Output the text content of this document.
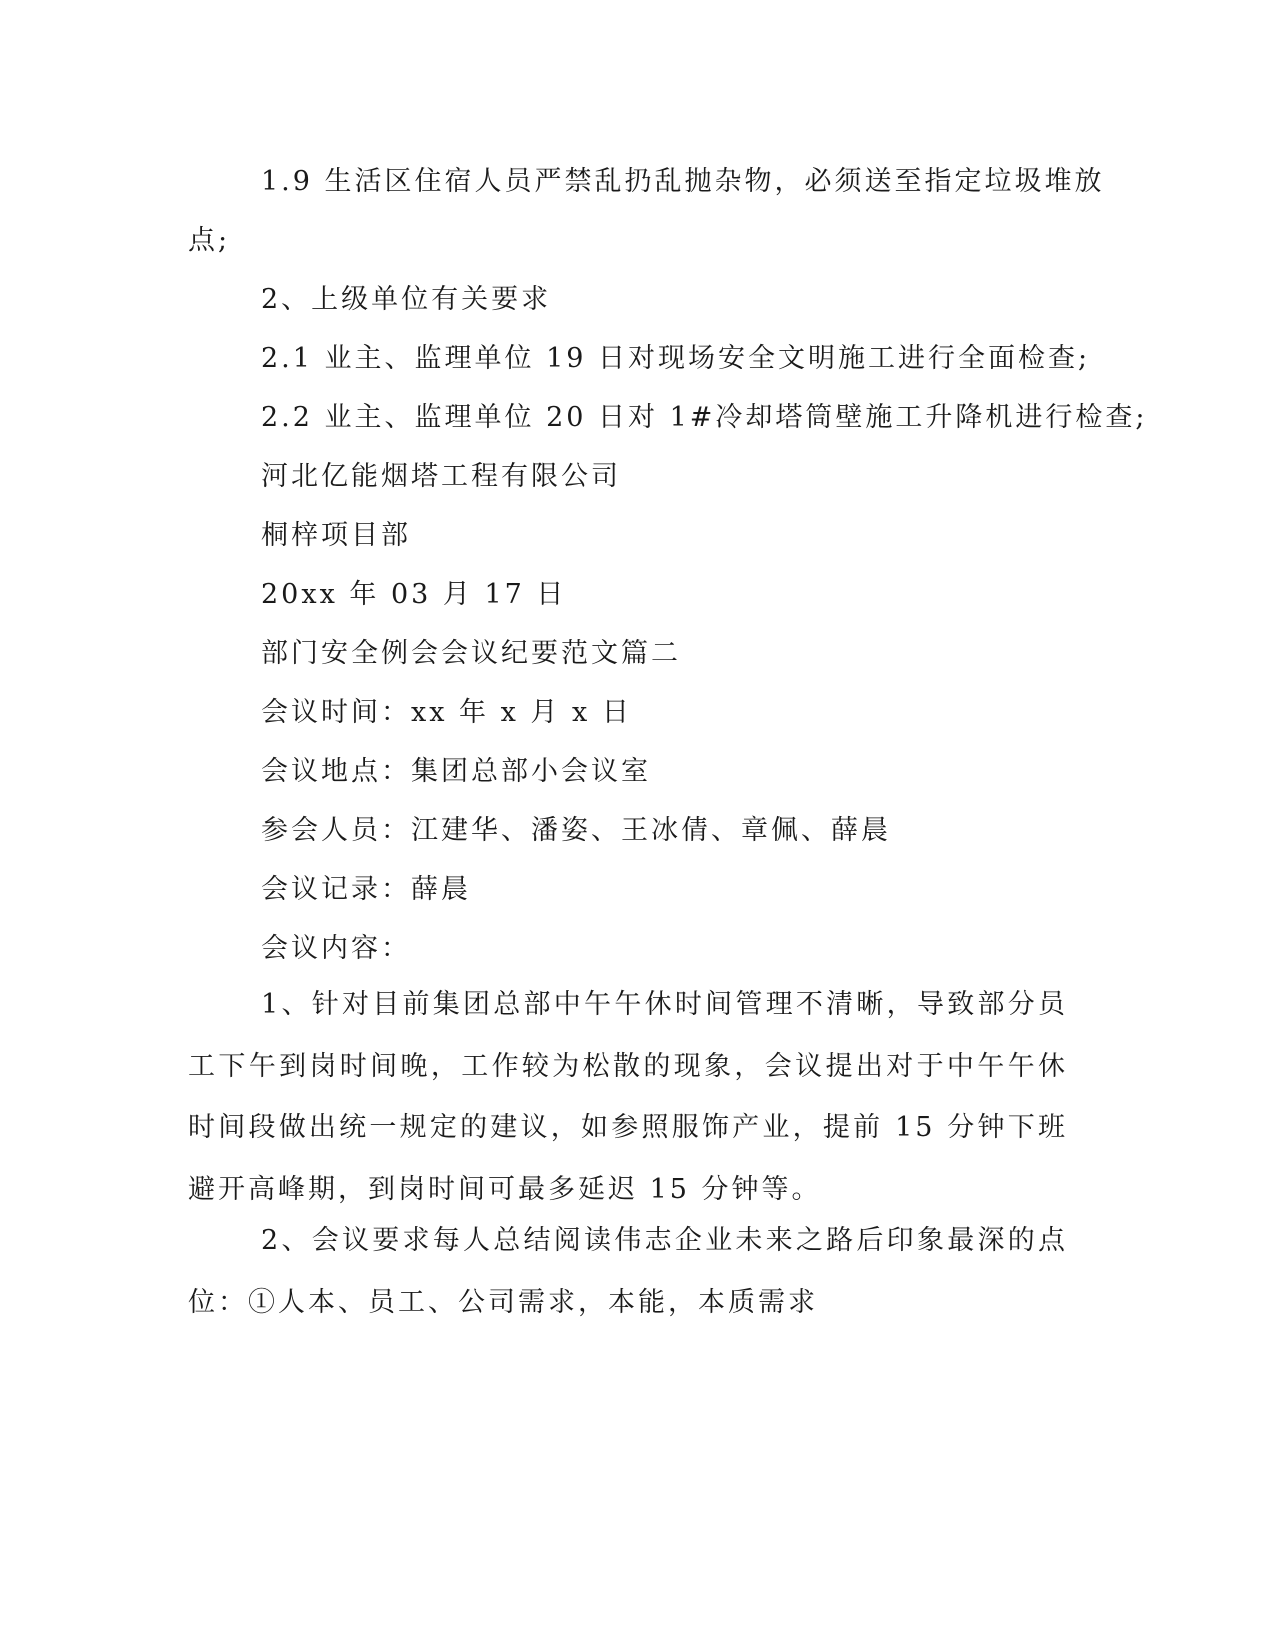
1.9 生活区住宿人员严禁乱扔乱抛杂物，必须送至指定垃圾堆放
点;
2、上级单位有关要求
2.1 业主、监理单位 19 日对现场安全文明施工进行全面检查;
2.2 业主、监理单位 20 日对 1#冷却塔筒壁施工升降机进行检查;
河北亿能烟塔工程有限公司
桐梓项目部
20xx 年 03 月 17 日
部门安全例会会议纪要范文篇二
会议时间：xx 年 x 月 x 日
会议地点：集团总部小会议室
参会人员：江建华、潘姿、王冰倩、章佩、薛晨
会议记录：薛晨
会议内容：
1、针对目前集团总部中午午休时间管理不清晰，导致部分员工下午到岗时间晚，工作较为松散的现象，会议提出对于中午午休时间段做出统一规定的建议，如参照服饰产业，提前 15 分钟下班避开高峰期，到岗时间可最多延迟 15 分钟等。
2、会议要求每人总结阅读伟志企业未来之路后印象最深的点位：①人本、员工、公司需求，本能，本质需求
